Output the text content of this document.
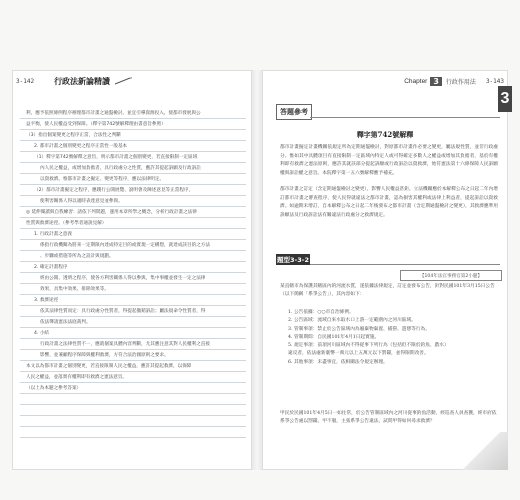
3-142	行政法新論精讀	Chapter 3	行政作用法 3-143
3
利，應予依照條例程序辦理都市計畫之通盤檢討。並宜引導資源投入，使都市發展與公
益平衡，使人民權益受到保障。（釋字第742號解釋理由書意旨參照）
（3）指出個案變更之程序正當，合法性之判斷
2. 都市計畫之個別變更之程序正當性一般基本
（1）釋字第742號解釋之意旨，明示都市計畫之個別變更，若直接限制一定區域
內人民之權益，或增加負擔者，具行政處分之性質，應許其提起訴願及行政訴訟
以資救濟。惟都市計畫之擬定、變更等程序，應以法律明定。
（2）都市計畫擬定之程序，應踐行公開展覽、說明會及陳述意見等正當程序，
使利害關係人得以適時表達意見並參與。
◎ 延伸閱讀與自我練習：請依下列問題，運用本章所學之概念，分析行政計畫之法律
性質與救濟途徑。（參考學者通說見解）
1. 行政計畫之意義
係指行政機關為將來一定期限內達成特定目的或實現一定構想，就達成該目的之方法
、步驟或措施等所為之設計與規劃。
2. 確定計畫程序
經由公開、透明之程序，使各方利害關係人得以參與，集中事權並發生一定之法律
效果，具集中效果、排除效果等。
3. 救濟途徑
依其法律性質而定：具行政處分性質者，得提起撤銷訴訟；屬法規命令性質者，得
依法聲請憲法法庭裁判。
4. 小結
行政計畫之法律性質不一，應就個案具體內容判斷，尤其應注意其對人民權利之直接
影響，並兼顧程序保障與權利救濟，方符合法治國原則之要求。
本文以為都市計畫之個別變更，若直接限制人民之權益，應許其提起救濟，以保障
人民之權益，並落實有權利即有救濟之憲法意旨。
（以上為本題之參考答案）
答題參考
釋字第742號解釋
都市計畫擬定計畫機關依規定所為定期通盤檢討，對原都市計畫作必要之變更，屬法規性質，並非行政處分。惟如其中具體項目有直接限制一定區域內特定人或可得確定多數人之權益或增加其負擔者，基於有權利即有救濟之憲法原則，應許其就該部分提起訴願或行政訴訟以資救濟，始符憲法第十六條保障人民訴願權與訴訟權之意旨。本院釋字第一五六號解釋應予補充。
都市計畫之訂定（含定期通盤檢討之變更），影響人民權益甚鉅。立法機關應於本解釋公布之日起二年內增訂都市計畫之審查程序，使人民得就違法之都市計畫，認為損害其權利或法律上利益者，提起訴訟以資救濟。如逾期未增訂，自本解釋公布之日起二年後發布之都市計畫（含定期通盤檢討之變更），其救濟應準用訴願法及行政訴訟法有關違法行政處分之救濟規定。
題型3-3-2
【104年法官事務官第2小題】
某直轄市為保護其轄區內的河流水質，遂依據法律規定，訂定並發布公告，針對民國101年3月15日公告（以下簡稱「系爭公告」），其內容如下：
1. 公告依據：○○市自治條例。
2. 公告區域：流域自來水取水口上游一定範圍內之河川區域。
3. 管制事項：禁止於公告區域內為廢棄物棄置、捕撈、遊憩等行為。
4. 管制期間：自民國101年4月1日起實施。
5. 規定事項：前項河川區域內不得從事下列行為（包括但不限於釣魚、戲水）
違反者，依法處新臺幣一萬元以上五萬元以下罰鍰，並得限期改善。
6. 其他事項：未盡事宜，依相關法令規定辦理。
甲民於民國101年4月5日一如往常，於公告管制區域內之河川從事釣魚活動，經巡查人員查獲，經市府依系爭公告處以罰鍰。甲不服，主張系爭公告違法，試問甲得如何尋求救濟？
